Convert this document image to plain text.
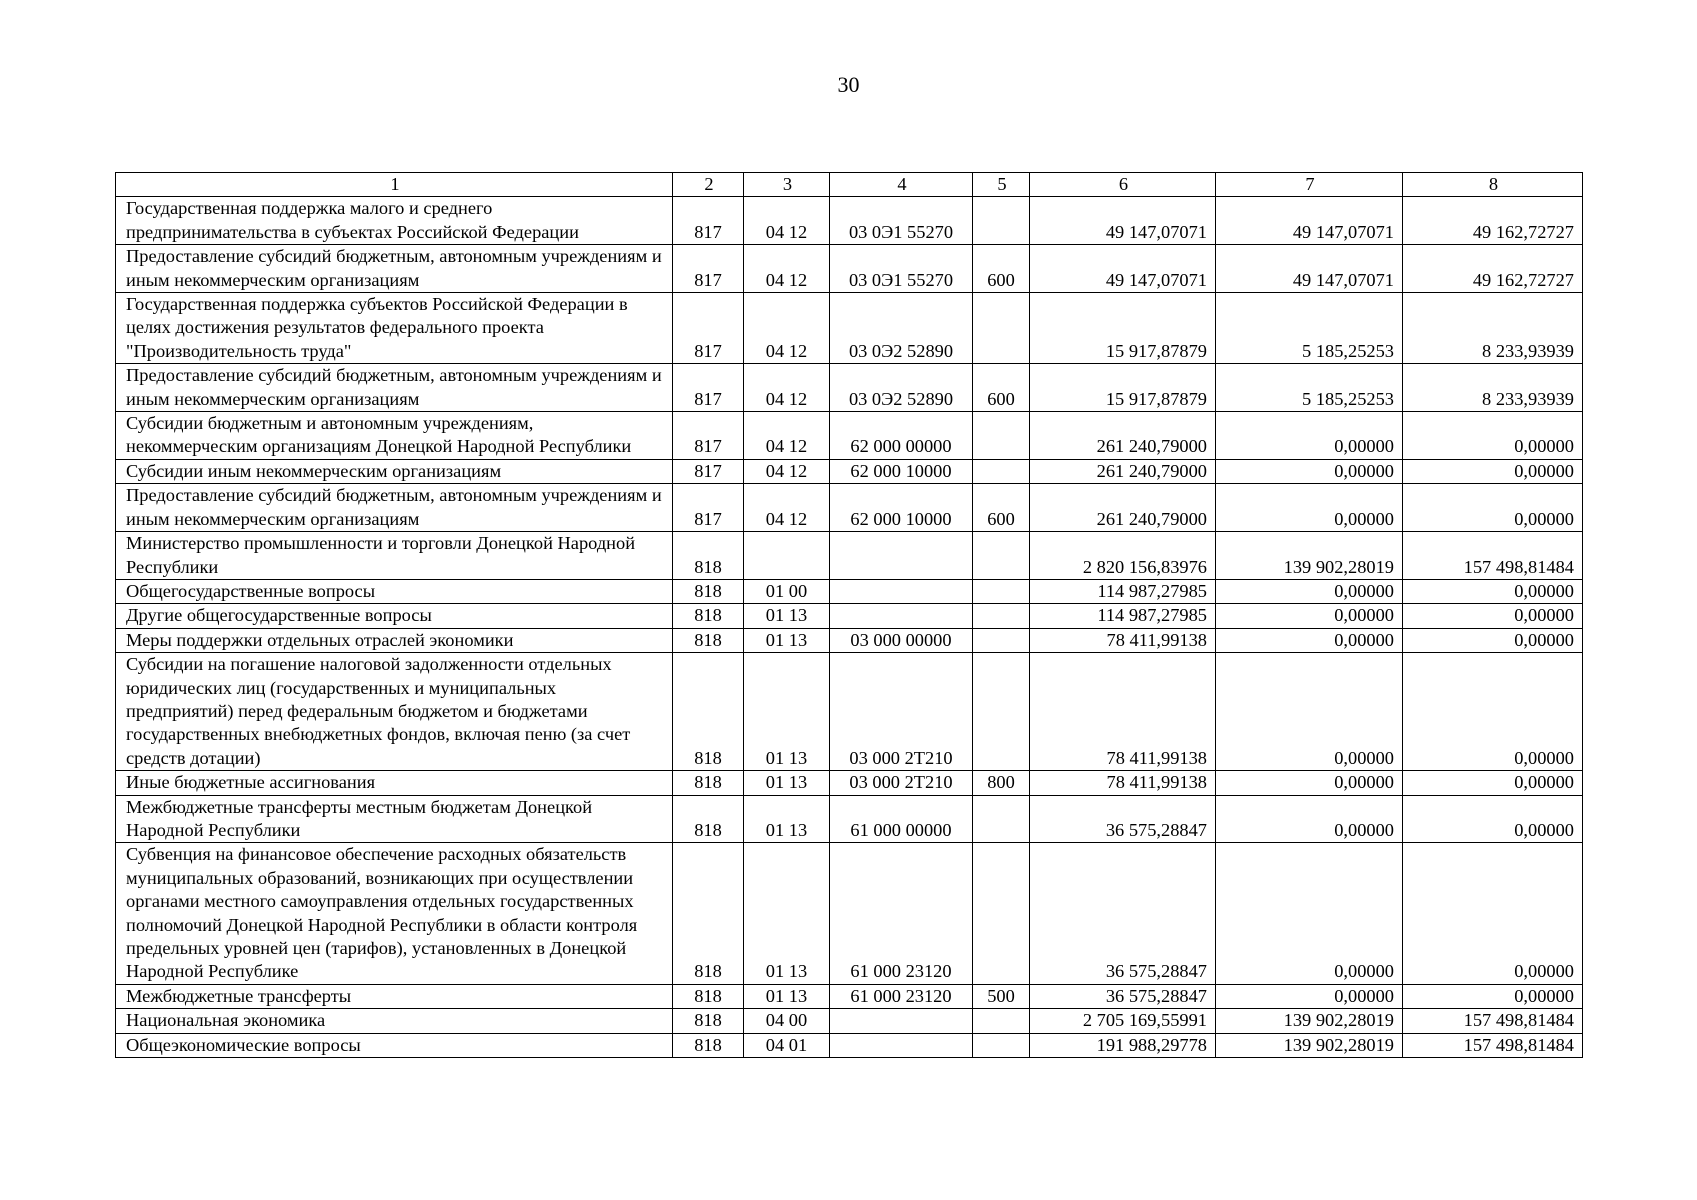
30
1	2	3	4	5	6	7	8
Государственная поддержка малого и среднего предпринимательства в субъектах Российской Федерации	817	04 12	03 0Э1 55270		49 147,07071	49 147,07071	49 162,72727
Предоставление субсидий бюджетным, автономным учреждениям и иным некоммерческим организациям	817	04 12	03 0Э1 55270	600	49 147,07071	49 147,07071	49 162,72727
Государственная поддержка субъектов Российской Федерации в целях достижения результатов федерального проекта "Производительность труда"	817	04 12	03 0Э2 52890		15 917,87879	5 185,25253	8 233,93939
Предоставление субсидий бюджетным, автономным учреждениям и иным некоммерческим организациям	817	04 12	03 0Э2 52890	600	15 917,87879	5 185,25253	8 233,93939
Субсидии бюджетным и автономным учреждениям, некоммерческим организациям Донецкой Народной Республики	817	04 12	62 000 00000		261 240,79000	0,00000	0,00000
Субсидии иным некоммерческим организациям	817	04 12	62 000 10000		261 240,79000	0,00000	0,00000
Предоставление субсидий бюджетным, автономным учреждениям и иным некоммерческим организациям	817	04 12	62 000 10000	600	261 240,79000	0,00000	0,00000
Министерство промышленности и торговли Донецкой Народной Республики	818				2 820 156,83976	139 902,28019	157 498,81484
Общегосударственные вопросы	818	01 00			114 987,27985	0,00000	0,00000
Другие общегосударственные вопросы	818	01 13			114 987,27985	0,00000	0,00000
Меры поддержки отдельных отраслей экономики	818	01 13	03 000 00000		78 411,99138	0,00000	0,00000
Субсидии на погашение налоговой задолженности отдельных юридических лиц (государственных и муниципальных предприятий) перед федеральным бюджетом и бюджетами государственных внебюджетных фондов, включая пеню (за счет средств дотации)	818	01 13	03 000 2Т210		78 411,99138	0,00000	0,00000
Иные бюджетные ассигнования	818	01 13	03 000 2Т210	800	78 411,99138	0,00000	0,00000
Межбюджетные трансферты местным бюджетам Донецкой Народной Республики	818	01 13	61 000 00000		36 575,28847	0,00000	0,00000
Субвенция на финансовое обеспечение расходных обязательств муниципальных образований, возникающих при осуществлении органами местного самоуправления отдельных государственных полномочий Донецкой Народной Республики в области контроля предельных уровней цен (тарифов), установленных в Донецкой Народной Республике	818	01 13	61 000 23120		36 575,28847	0,00000	0,00000
Межбюджетные трансферты	818	01 13	61 000 23120	500	36 575,28847	0,00000	0,00000
Национальная экономика	818	04 00			2 705 169,55991	139 902,28019	157 498,81484
Общеэкономические вопросы	818	04 01			191 988,29778	139 902,28019	157 498,81484
